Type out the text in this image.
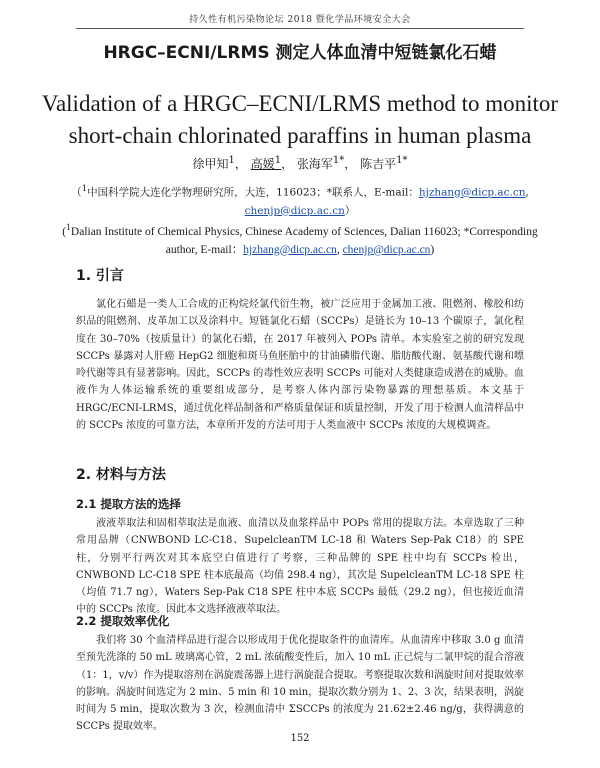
持久性有机污染物论坛 2018 暨化学品环境安全大会
HRGC–ECNI/LRMS 测定人体血清中短链氯化石蜡
Validation of a HRGC–ECNI/LRMS method to monitor
short-chain chlorinated paraffins in human plasma
徐甲知$^1$， 高媛$^1$， 张海军$^{1*}$， 陈吉平$^{1*}$
（$^1$中国科学院大连化学物理研究所，大连，116023；*联系人，E-mail：hjzhang@dicp.ac.cn,
chenjp@dicp.ac.cn）
($^1$Dalian Institute of Chemical Physics, Chinese Academy of Sciences, Dalian 116023; *Corresponding author, E-mail：hjzhang@dicp.ac.cn, chenjp@dicp.ac.cn)
1. 引言

氯化石蜡是一类人工合成的正构烷烃氯代衍生物，被广泛应用于金属加工液、阻燃剂、橡胶和纺织品的阻燃剂、皮革加工以及涂料中。短链氯化石蜡（SCCPs）是链长为 10–13 个碳原子，氯化程度在 30–70%（按质量计）的氯化石蜡，在 2017 年被列入 POPs 清单。本实验室之前的研究发现 SCCPs 暴露对人肝癌 HepG2 细胞和斑马鱼胚胎中的甘油磷脂代谢、脂肪酸代谢、氨基酸代谢和嘌呤代谢等具有显著影响。因此，SCCPs 的毒性效应表明 SCCPs 可能对人类健康造成潜在的威胁。血液作为人体运输系统的重要组成部分，是考察人体内部污染物暴露的理想基质。本文基于 HRGC/ECNI-LRMS，通过优化样品制备和严格质量保证和质量控制，开发了用于检测人血清样品中的 SCCPs 浓度的可靠方法，本章所开发的方法可用于人类血液中 SCCPs 浓度的大规模调查。

2. 材料与方法
2.1 提取方法的选择

液液萃取法和固相萃取法是血液、血清以及血浆样品中 POPs 常用的提取方法。本章选取了三种常用品牌（CNWBOND LC-C18、SupelcleanTM LC-18 和 Waters Sep-Pak C18）的 SPE 柱，分别平行两次对其本底空白值进行了考察，三种品牌的 SPE 柱中均有 SCCPs 检出，CNWBOND LC-C18 SPE 柱本底最高（均值 298.4 ng），其次是 SupelcleanTM LC-18 SPE 柱（均值 71.7 ng），Waters Sep-Pak C18 SPE 柱中本底 SCCPs 最低（29.2 ng），但也接近血清中的 SCCPs 浓度。因此本文选择液液萃取法。

2.2 提取效率优化

我们将 30 个血清样品进行混合以形成用于优化提取条件的血清库。从血清库中移取 3.0 g 血清至预先洗涤的 50 mL 玻璃离心管，2 mL 浓硫酸变性后，加入 10 mL 正己烷与二氯甲烷的混合溶液（1：1，v/v）作为提取溶剂在涡旋震荡器上进行涡旋混合提取。考察提取次数和涡旋时间对提取效率的影响。涡旋时间选定为 2 min、5 min 和 10 min，提取次数分别为 1、2、3 次，结果表明，涡旋时间为 5 min，提取次数为 3 次，检测血清中 ΣSCCPs 的浓度为 21.62±2.46 ng/g，获得满意的 SCCPs 提取效率。

152
